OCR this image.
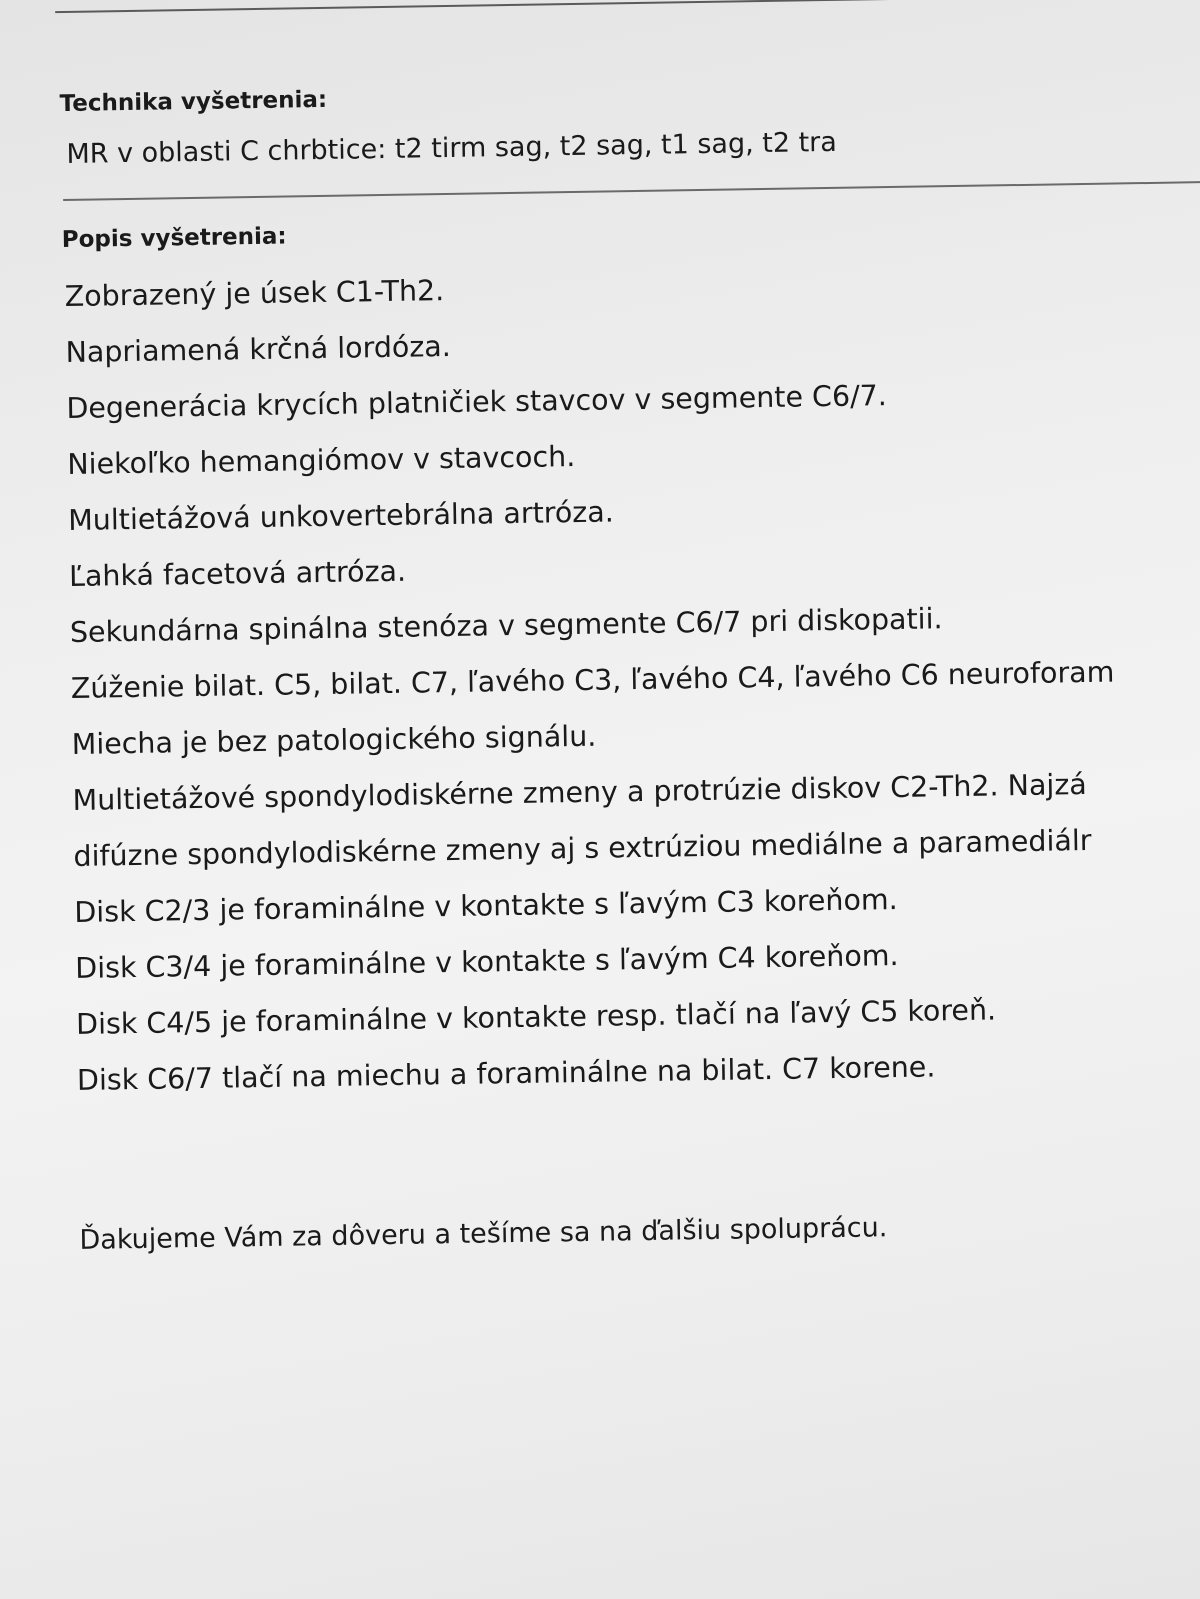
Technika vyšetrenia:
MR v oblasti C chrbtice: t2 tirm sag, t2 sag, t1 sag, t2 tra
Popis vyšetrenia:
Zobrazený je úsek C1-Th2.
Napriamená krčná lordóza.
Degenerácia krycích platničiek stavcov v segmente C6/7.
Niekoľko hemangiómov v stavcoch.
Multietážová unkovertebrálna artróza.
Ľahká facetová artróza.
Sekundárna spinálna stenóza v segmente C6/7 pri diskopatii.
Zúženie bilat. C5, bilat. C7, ľavého C3, ľavého C4, ľavého C6 neuroforam
Miecha je bez patologického signálu.
Multietážové spondylodiskérne zmeny a protrúzie diskov C2-Th2. Najzá
difúzne spondylodiskérne zmeny aj s extrúziou mediálne a paramediálr
Disk C2/3 je foraminálne v kontakte s ľavým C3 koreňom.
Disk C3/4 je foraminálne v kontakte s ľavým C4 koreňom.
Disk C4/5 je foraminálne v kontakte resp. tlačí na ľavý C5 koreň.
Disk C6/7 tlačí na miechu a foraminálne na bilat. C7 korene.
Ďakujeme Vám za dôveru a tešíme sa na ďalšiu spoluprácu.
